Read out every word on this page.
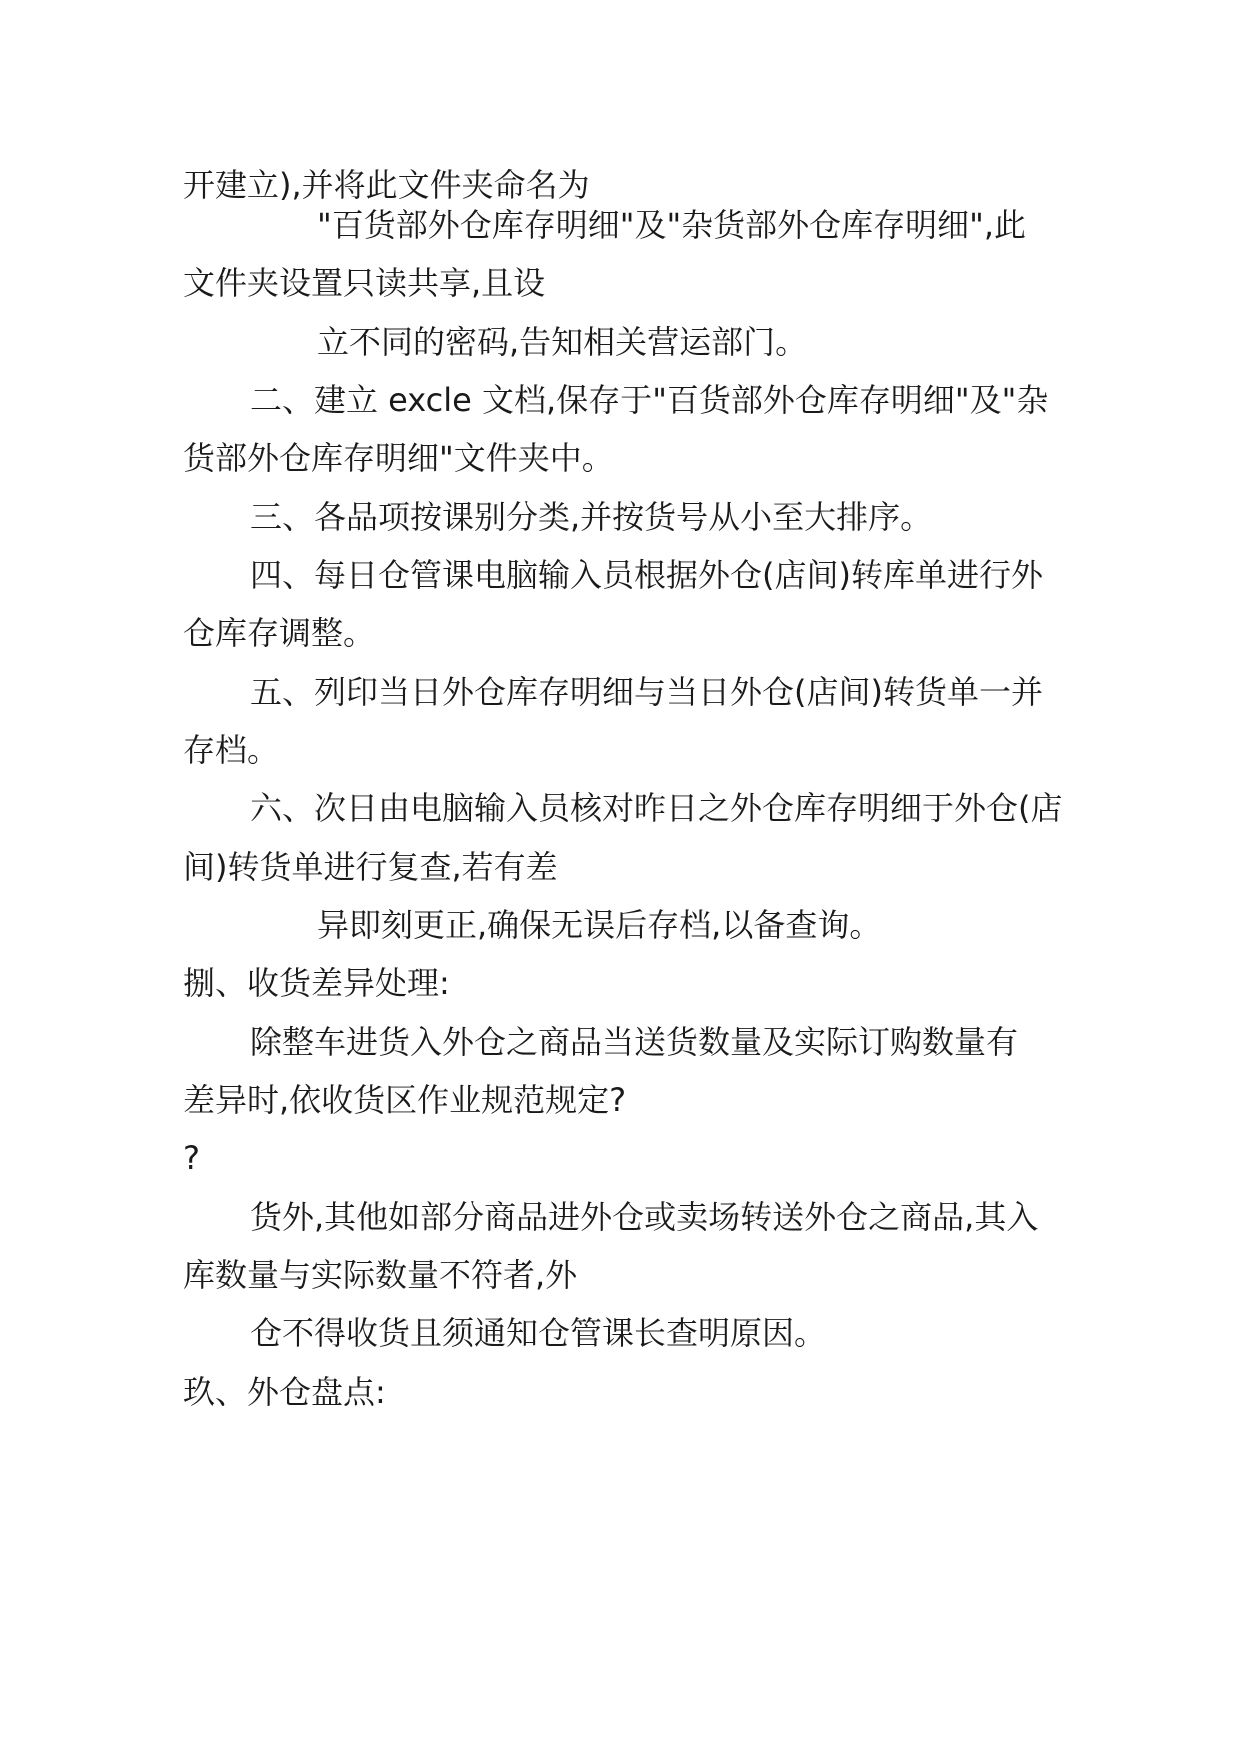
开建立),并将此文件夹命名为
"百货部外仓库存明细"及"杂货部外仓库存明细",此
文件夹设置只读共享,且设
立不同的密码,告知相关营运部门。
二、建立 excle 文档,保存于"百货部外仓库存明细"及"杂
货部外仓库存明细"文件夹中。
三、各品项按课别分类,并按货号从小至大排序。
四、每日仓管课电脑输入员根据外仓(店间)转库单进行外
仓库存调整。
五、列印当日外仓库存明细与当日外仓(店间)转货单一并
存档。
六、次日由电脑输入员核对昨日之外仓库存明细于外仓(店
间)转货单进行复查,若有差
异即刻更正,确保无误后存档,以备查询。
捌、收货差异处理:
除整车进货入外仓之商品当送货数量及实际订购数量有
差异时,依收货区作业规范规定?
?
货外,其他如部分商品进外仓或卖场转送外仓之商品,其入
库数量与实际数量不符者,外
仓不得收货且须通知仓管课长查明原因。
玖、外仓盘点:
